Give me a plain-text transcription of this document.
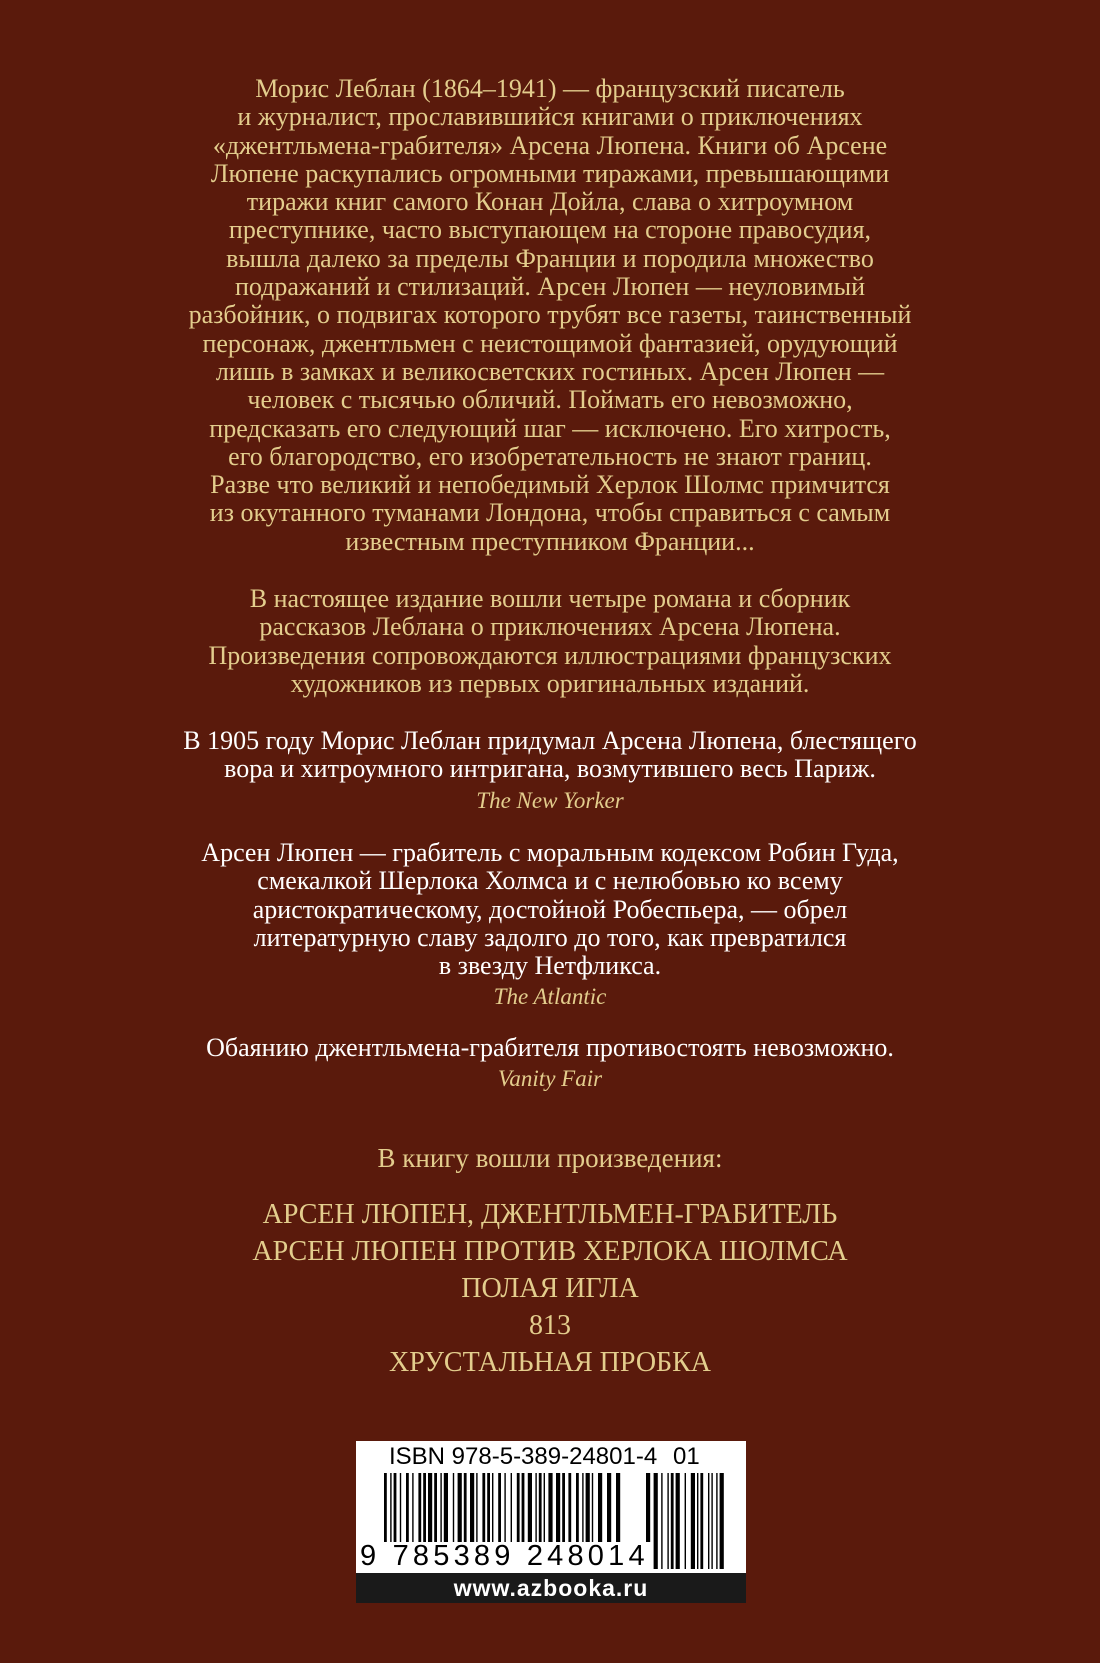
Морис Леблан (1864–1941) — французский писатель

и журналист, прославившийся книгами о приключениях

«джентльмена-грабителя» Арсена Люпена. Книги об Арсене

Люпене раскупались огромными тиражами, превышающими

тиражи книг самого Конан Дойла, слава о хитроумном

преступнике, часто выступающем на стороне правосудия,

вышла далеко за пределы Франции и породила множество

подражаний и стилизаций. Арсен Люпен — неуловимый

разбойник, о подвигах которого трубят все газеты, таинственный

персонаж, джентльмен с неистощимой фантазией, орудующий

лишь в замках и великосветских гостиных. Арсен Люпен —

человек с тысячью обличий. Поймать его невозможно,

предсказать его следующий шаг — исключено. Его хитрость,

его благородство, его изобретательность не знают границ.

Разве что великий и непобедимый Херлок Шолмс примчится

из окутанного туманами Лондона, чтобы справиться с самым

известным преступником Франции...

В настоящее издание вошли четыре романа и сборник

рассказов Леблана о приключениях Арсена Люпена.

Произведения сопровождаются иллюстрациями французских

художников из первых оригинальных изданий.

В 1905 году Морис Леблан придумал Арсена Люпена, блестящего

вора и хитроумного интригана, возмутившего весь Париж.

The New Yorker

Арсен Люпен — грабитель с моральным кодексом Робин Гуда,

смекалкой Шерлока Холмса и с нелюбовью ко всему

аристократическому, достойной Робеспьера, — обрел

литературную славу задолго до того, как превратился

в звезду Нетфликса.

The Atlantic

Обаянию джентльмена-грабителя противостоять невозможно.

Vanity Fair

В книгу вошли произведения:

АРСЕН ЛЮПЕН, ДЖЕНТЛЬМЕН-ГРАБИТЕЛЬ
АРСЕН ЛЮПЕН ПРОТИВ ХЕРЛОКА ШОЛМСА
ПОЛАЯ ИГЛА
813
ХРУСТАЛЬНАЯ ПРОБКА

ISBN 978-5-389-24801-4 01

9 785389 248014

www.azbooka.ru
